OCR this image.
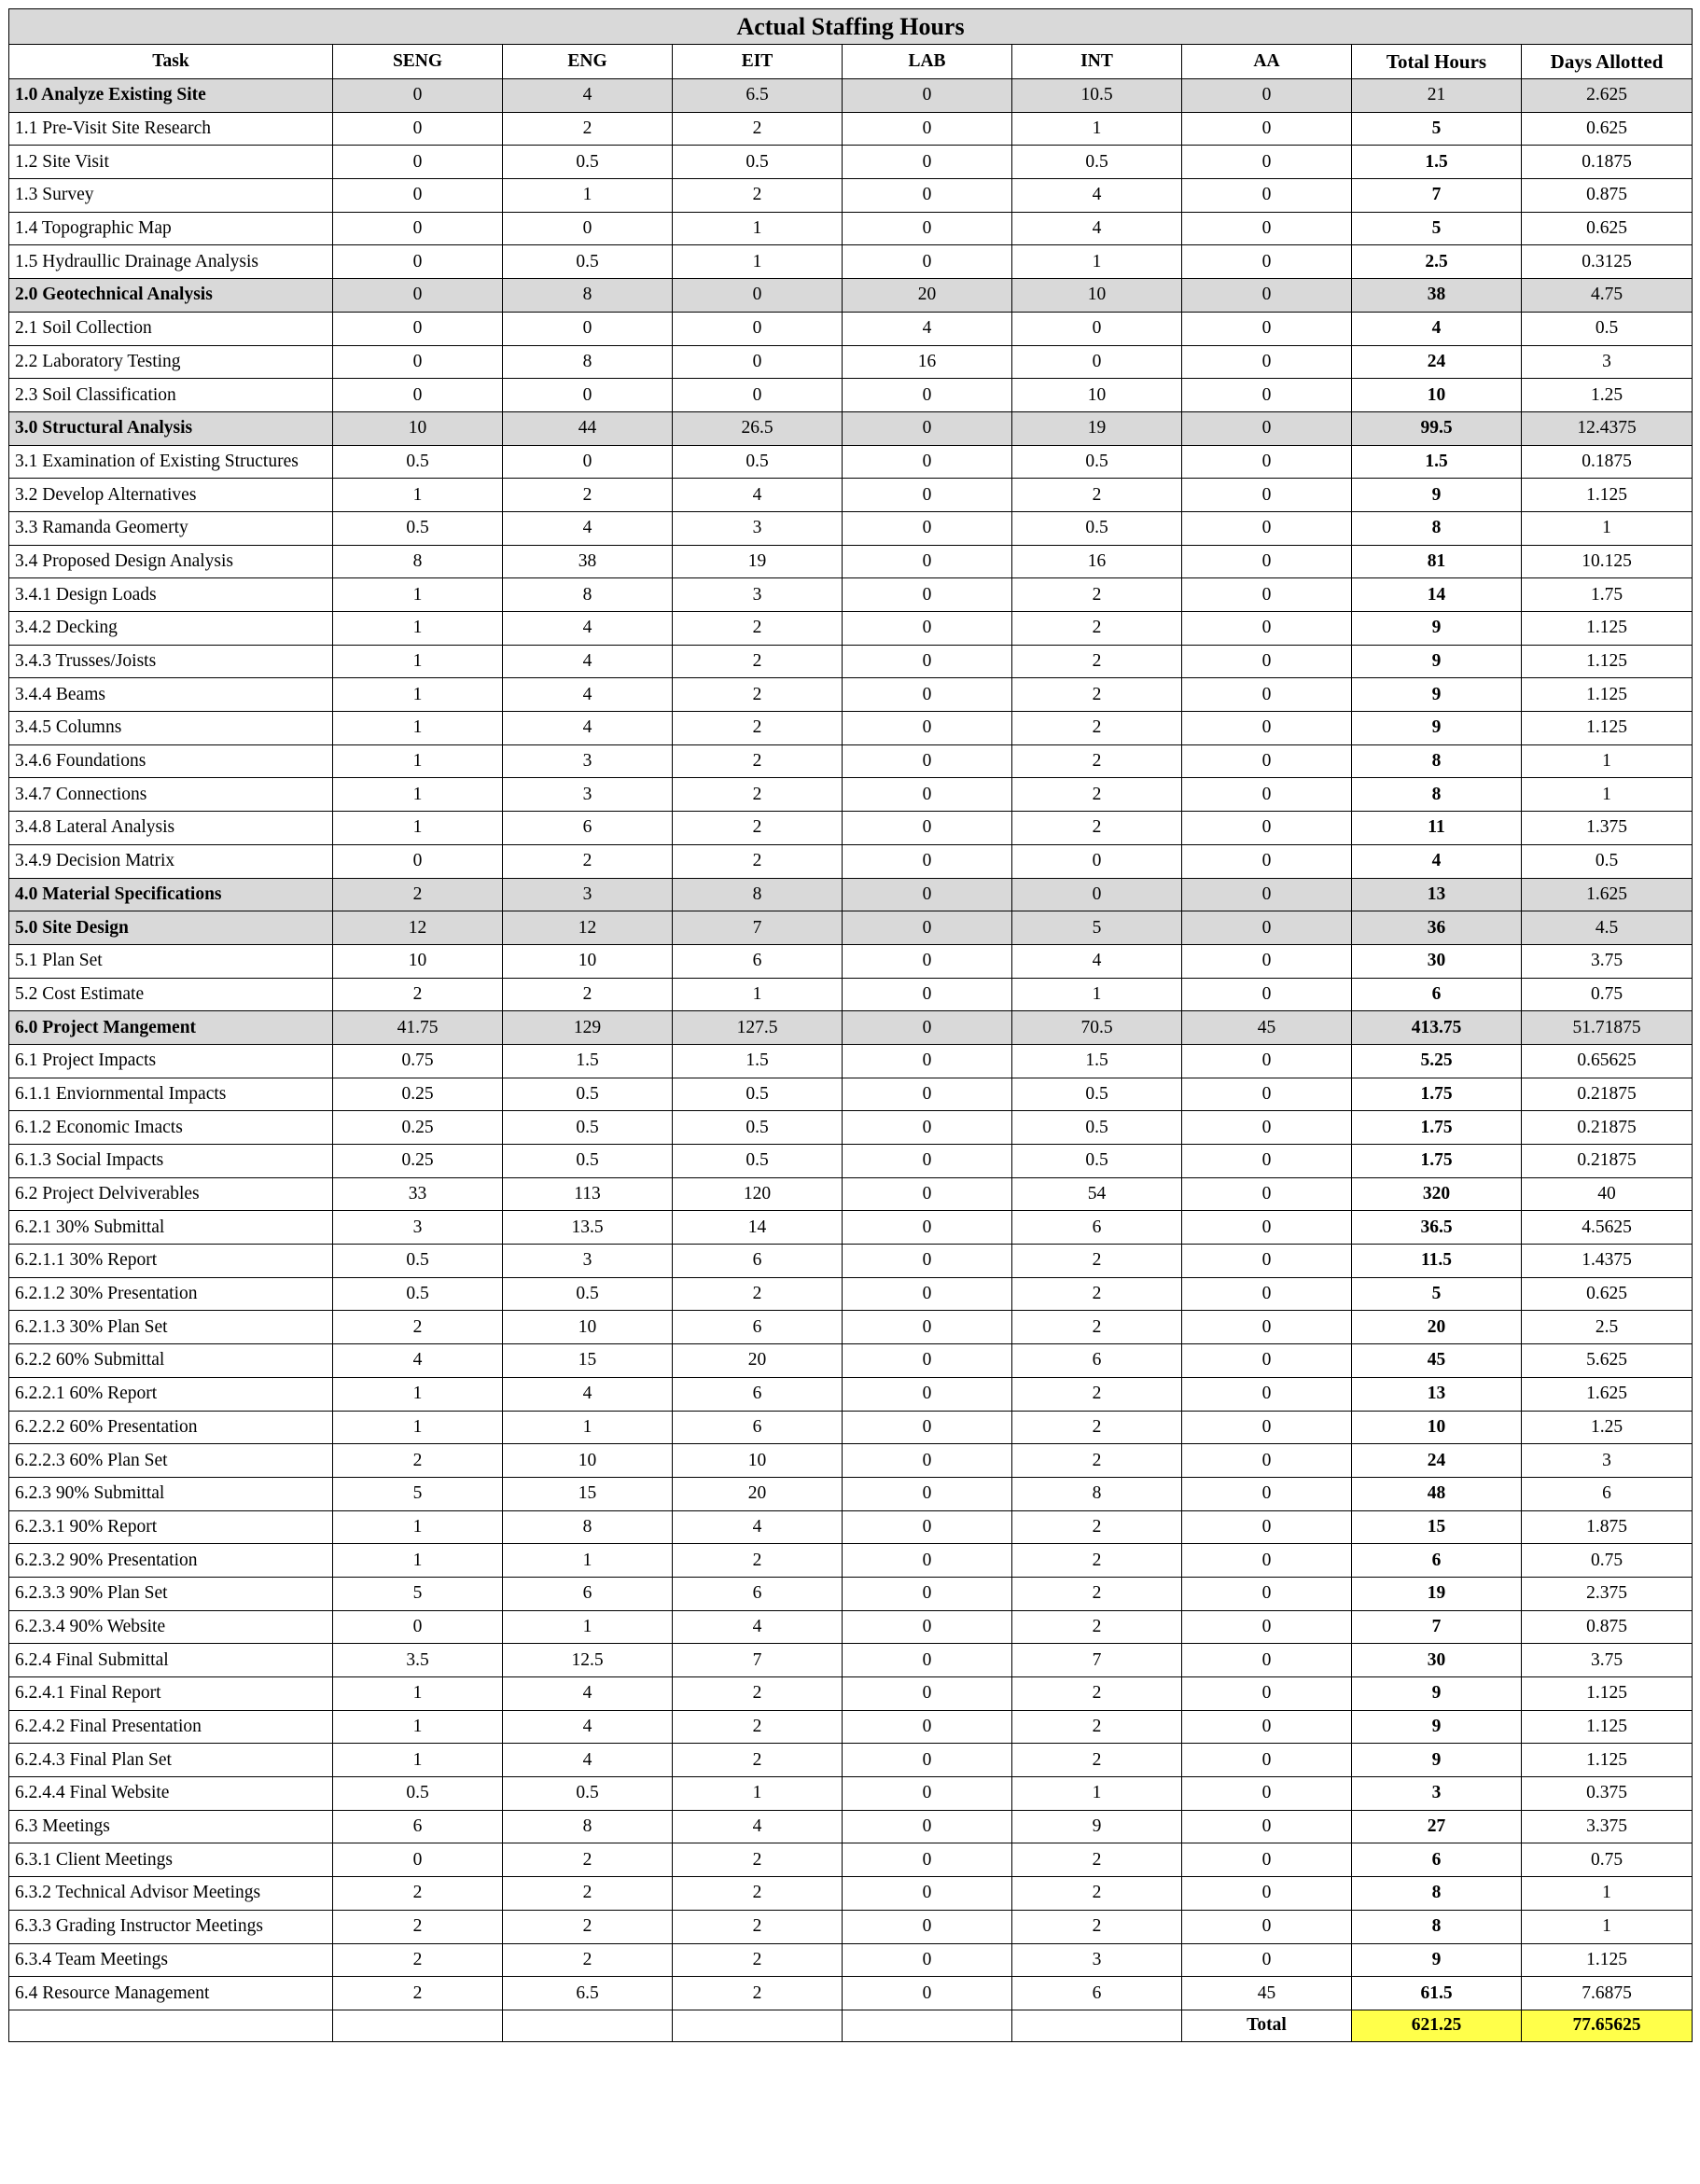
Actual Staffing Hours								
Task	SENG	ENG	EIT	LAB	INT	AA	Total Hours	Days Allotted
1.0 Analyze Existing Site	0	4	6.5	0	10.5	0	21	2.625
1.1 Pre-Visit Site Research	0	2	2	0	1	0	5	0.625
1.2 Site Visit	0	0.5	0.5	0	0.5	0	1.5	0.1875
1.3 Survey	0	1	2	0	4	0	7	0.875
1.4 Topographic Map	0	0	1	0	4	0	5	0.625
1.5 Hydraullic Drainage Analysis	0	0.5	1	0	1	0	2.5	0.3125
2.0 Geotechnical Analysis	0	8	0	20	10	0	38	4.75
2.1 Soil Collection	0	0	0	4	0	0	4	0.5
2.2 Laboratory Testing	0	8	0	16	0	0	24	3
2.3 Soil Classification	0	0	0	0	10	0	10	1.25
3.0 Structural Analysis	10	44	26.5	0	19	0	99.5	12.4375
3.1 Examination of Existing Structures	0.5	0	0.5	0	0.5	0	1.5	0.1875
3.2 Develop Alternatives	1	2	4	0	2	0	9	1.125
3.3 Ramanda Geomerty	0.5	4	3	0	0.5	0	8	1
3.4 Proposed Design Analysis	8	38	19	0	16	0	81	10.125
3.4.1 Design Loads	1	8	3	0	2	0	14	1.75
3.4.2 Decking	1	4	2	0	2	0	9	1.125
3.4.3 Trusses/Joists	1	4	2	0	2	0	9	1.125
3.4.4 Beams	1	4	2	0	2	0	9	1.125
3.4.5 Columns	1	4	2	0	2	0	9	1.125
3.4.6 Foundations	1	3	2	0	2	0	8	1
3.4.7 Connections	1	3	2	0	2	0	8	1
3.4.8 Lateral Analysis	1	6	2	0	2	0	11	1.375
3.4.9 Decision Matrix	0	2	2	0	0	0	4	0.5
4.0 Material Specifications	2	3	8	0	0	0	13	1.625
5.0 Site Design	12	12	7	0	5	0	36	4.5
5.1 Plan Set	10	10	6	0	4	0	30	3.75
5.2 Cost Estimate	2	2	1	0	1	0	6	0.75
6.0 Project Mangement	41.75	129	127.5	0	70.5	45	413.75	51.71875
6.1 Project Impacts	0.75	1.5	1.5	0	1.5	0	5.25	0.65625
6.1.1 Enviornmental Impacts	0.25	0.5	0.5	0	0.5	0	1.75	0.21875
6.1.2 Economic Imacts	0.25	0.5	0.5	0	0.5	0	1.75	0.21875
6.1.3 Social Impacts	0.25	0.5	0.5	0	0.5	0	1.75	0.21875
6.2 Project Delviverables	33	113	120	0	54	0	320	40
6.2.1 30% Submittal	3	13.5	14	0	6	0	36.5	4.5625
6.2.1.1 30% Report	0.5	3	6	0	2	0	11.5	1.4375
6.2.1.2 30% Presentation	0.5	0.5	2	0	2	0	5	0.625
6.2.1.3 30% Plan Set	2	10	6	0	2	0	20	2.5
6.2.2 60% Submittal	4	15	20	0	6	0	45	5.625
6.2.2.1 60% Report	1	4	6	0	2	0	13	1.625
6.2.2.2 60% Presentation	1	1	6	0	2	0	10	1.25
6.2.2.3 60% Plan Set	2	10	10	0	2	0	24	3
6.2.3 90% Submittal	5	15	20	0	8	0	48	6
6.2.3.1 90% Report	1	8	4	0	2	0	15	1.875
6.2.3.2 90% Presentation	1	1	2	0	2	0	6	0.75
6.2.3.3 90% Plan Set	5	6	6	0	2	0	19	2.375
6.2.3.4 90% Website	0	1	4	0	2	0	7	0.875
6.2.4 Final Submittal	3.5	12.5	7	0	7	0	30	3.75
6.2.4.1 Final Report	1	4	2	0	2	0	9	1.125
6.2.4.2 Final Presentation	1	4	2	0	2	0	9	1.125
6.2.4.3 Final Plan Set	1	4	2	0	2	0	9	1.125
6.2.4.4 Final Website	0.5	0.5	1	0	1	0	3	0.375
6.3 Meetings	6	8	4	0	9	0	27	3.375
6.3.1 Client Meetings	0	2	2	0	2	0	6	0.75
6.3.2 Technical Advisor Meetings	2	2	2	0	2	0	8	1
6.3.3 Grading Instructor Meetings	2	2	2	0	2	0	8	1
6.3.4 Team Meetings	2	2	2	0	3	0	9	1.125
6.4 Resource Management	2	6.5	2	0	6	45	61.5	7.6875
						Total	621.25	77.65625
